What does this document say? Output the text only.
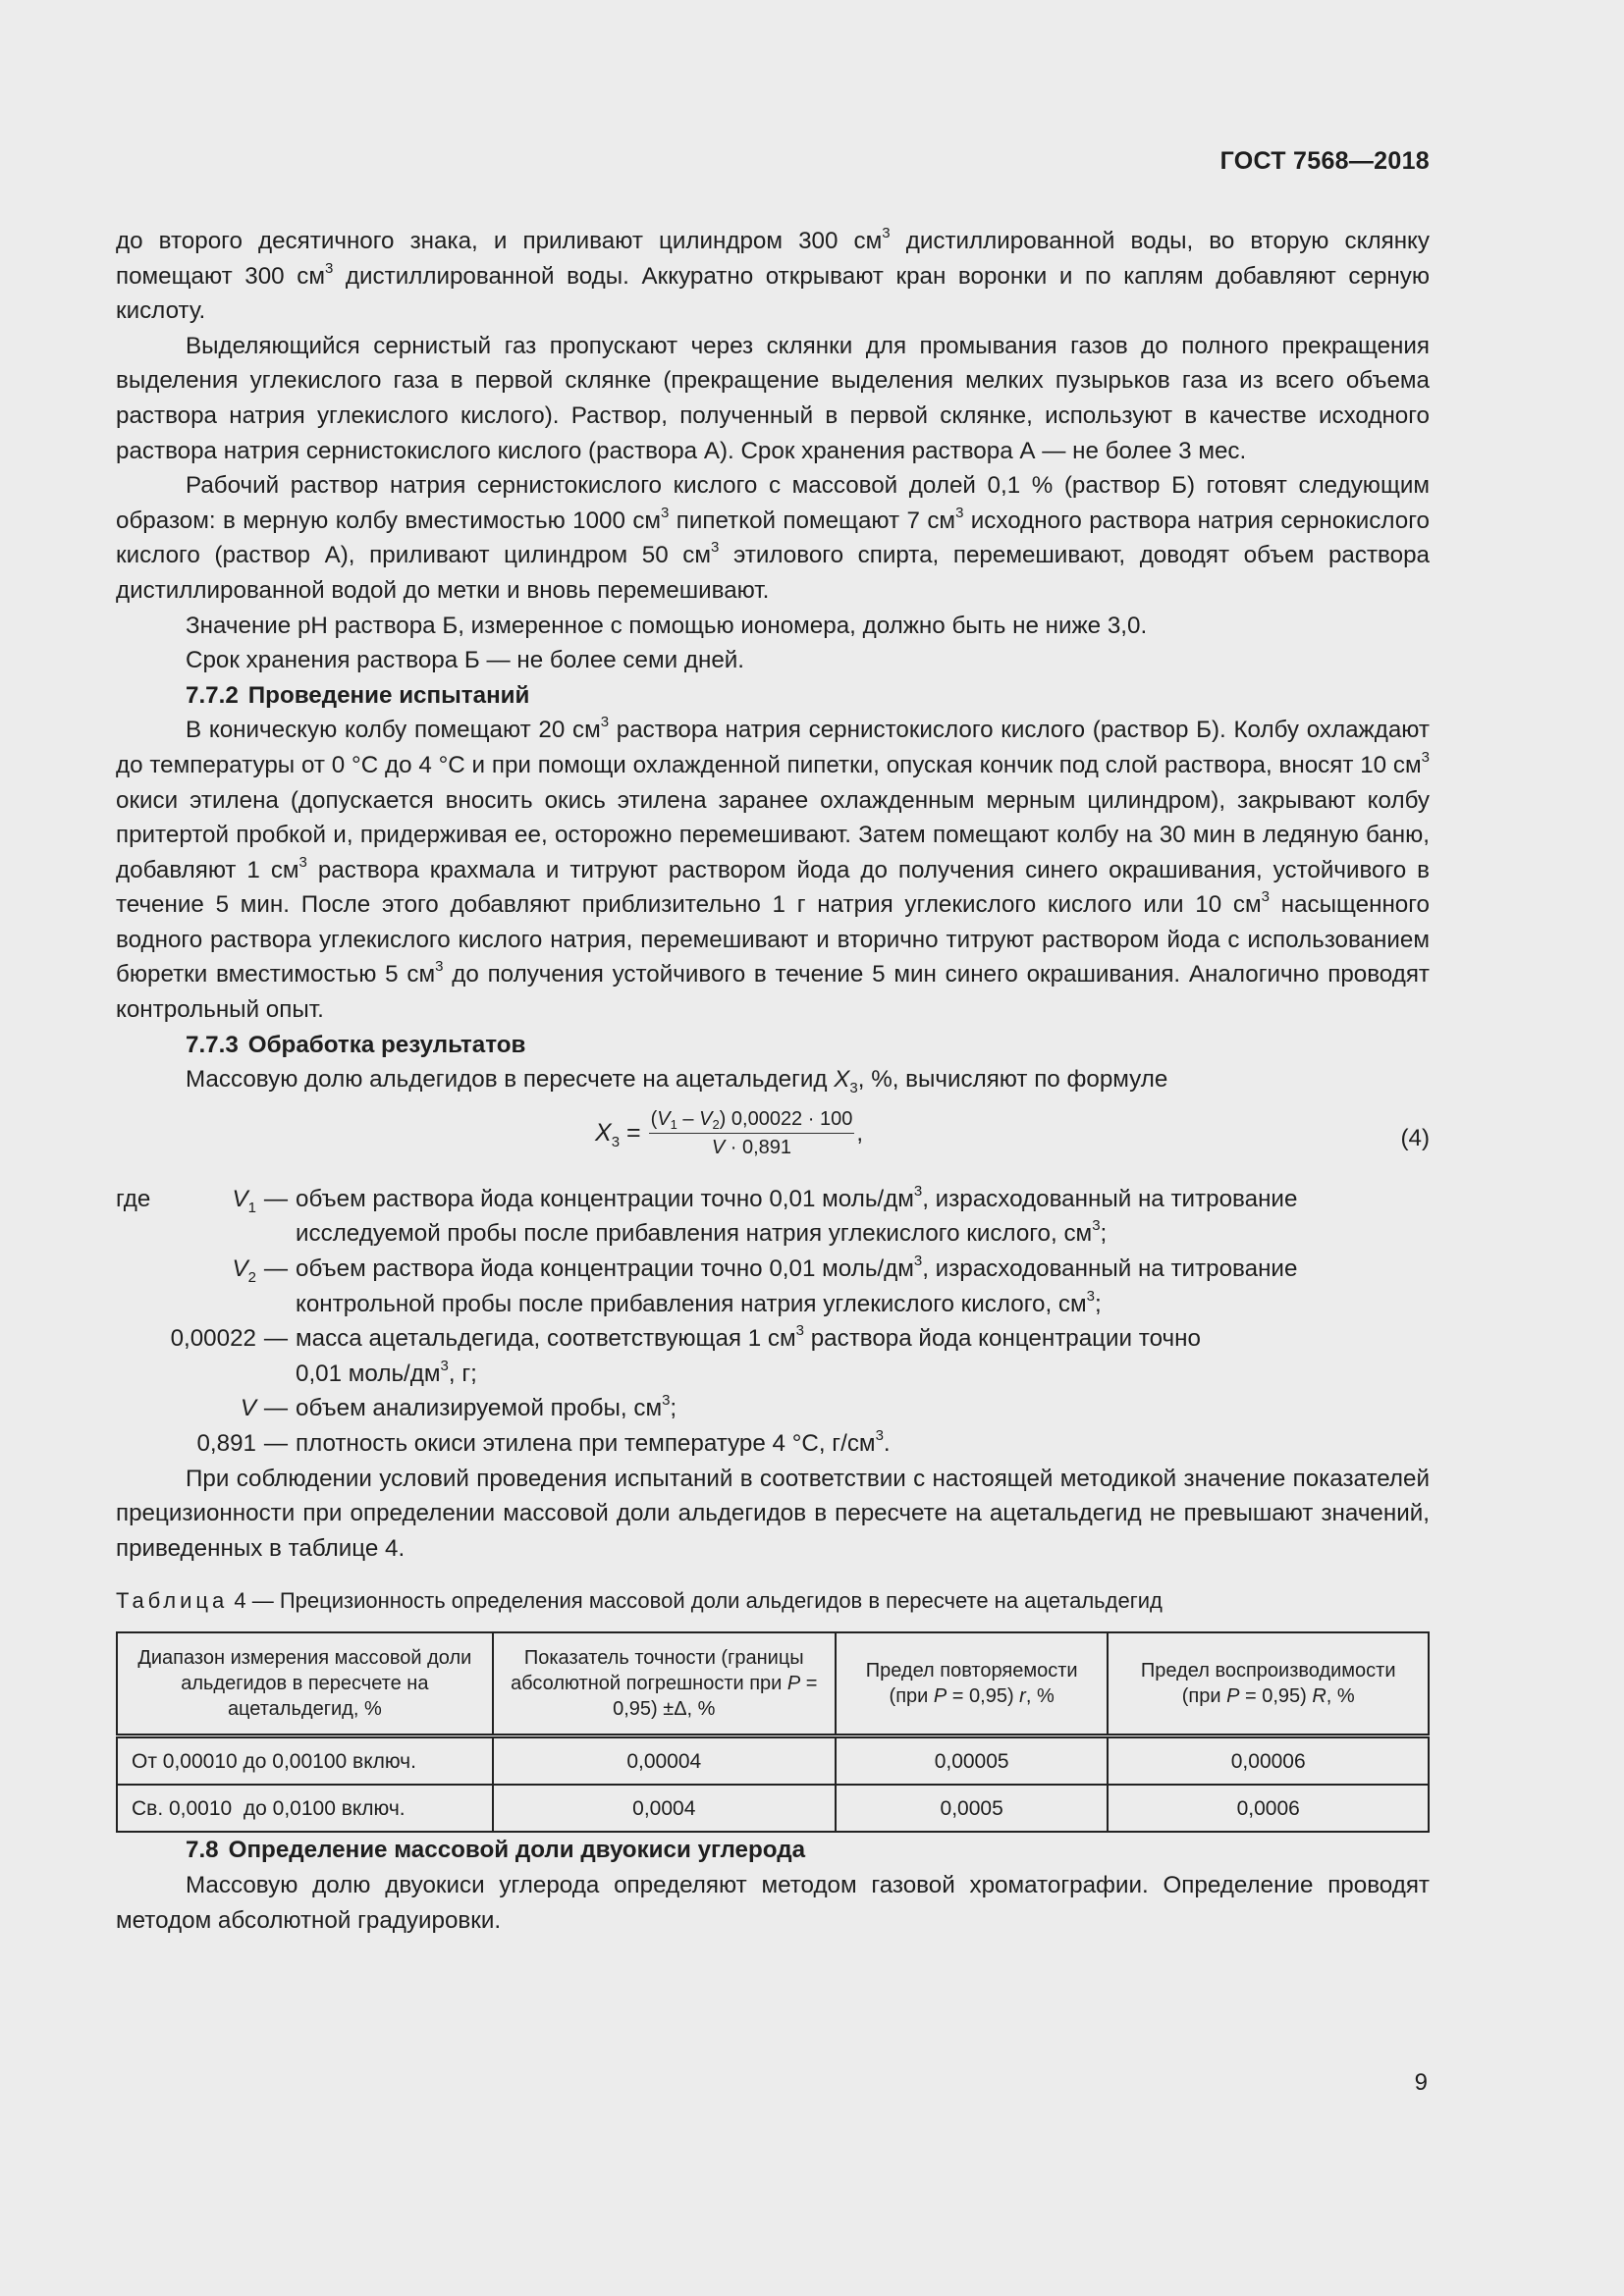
ГОСТ 7568—2018

до второго десятичного знака, и приливают цилиндром 300 $см^3$ дистиллированной воды, во вторую склянку помещают 300 $см^3$ дистиллированной воды. Аккуратно открывают кран воронки и по каплям добавляют серную кислоту.

Выделяющийся сернистый газ пропускают через склянки для промывания газов до полного прекращения выделения углекислого газа в первой склянке (прекращение выделения мелких пузырьков газа из всего объема раствора натрия углекислого кислого). Раствор, полученный в первой склянке, используют в качестве исходного раствора натрия сернистокислого кислого (раствора А). Срок хранения раствора А — не более 3 мес.

Рабочий раствор натрия сернистокислого кислого с массовой долей 0,1 % (раствор Б) готовят следующим образом: в мерную колбу вместимостью 1000 $см^3$ пипеткой помещают 7 $см^3$ исходного раствора натрия сернокислого кислого (раствор А), приливают цилиндром 50 $см^3$ этилового спирта, перемешивают, доводят объем раствора дистиллированной водой до метки и вновь перемешивают.

Значение pH раствора Б, измеренное с помощью иономера, должно быть не ниже 3,0.

Срок хранения раствора Б — не более семи дней.

7.7.2 Проведение испытаний

В коническую колбу помещают 20 $см^3$ раствора натрия сернистокислого кислого (раствор Б). Колбу охлаждают до температуры от 0 °С до 4 °С и при помощи охлажденной пипетки, опуская кончик под слой раствора, вносят 10 $см^3$ окиси этилена (допускается вносить окись этилена заранее охлажденным мерным цилиндром), закрывают колбу притертой пробкой и, придерживая ее, осторожно перемешивают. Затем помещают колбу на 30 мин в ледяную баню, добавляют 1 $см^3$ раствора крахмала и титруют раствором йода до получения синего окрашивания, устойчивого в течение 5 мин. После этого добавляют приблизительно 1 г натрия углекислого кислого или 10 $см^3$ насыщенного водного раствора углекислого кислого натрия, перемешивают и вторично титруют раствором йода с использованием бюретки вместимостью 5 $см^3$ до получения устойчивого в течение 5 мин синего окрашивания. Аналогично проводят контрольный опыт.

7.7.3 Обработка результатов

Массовую долю альдегидов в пересчете на ацетальдегид $X_3$, %, вычисляют по формуле

$X_3 = \frac{(V_1 - V_2) 0,00022 \cdot 100}{V \cdot 0,891}$ ,	(4)
где	$V_1$ — объем раствора йода концентрации точно 0,01 моль/$дм^3$, израсходованный на титрование
исследуемой пробы после прибавления натрия углекислого кислого, $см^3$;
$V_2$ — объем раствора йода концентрации точно 0,01 моль/$дм^3$, израсходованный на титрование
контрольной пробы после прибавления натрия углекислого кислого, $см^3$;
0,00022 — масса ацетальдегида, соответствующая 1 $см^3$ раствора йода концентрации точно
0,01 моль/$дм^3$, г;
V — объем анализируемой пробы, $см^3$;
0,891 — плотность окиси этилена при температуре 4 °С, $г/см^3$.

При соблюдении условий проведения испытаний в соответствии с настоящей методикой значение показателей прецизионности при определении массовой доли альдегидов в пересчете на ацетальдегид не превышают значений, приведенных в таблице 4.

Таблица 4 — Прецизионность определения массовой доли альдегидов в пересчете на ацетальдегид
Диапазон измерения массовой доли альдегидов в пересчете на ацетальдегид, %	Показатель точности (границы абсолютной погрешности при P = 0,95) ±Δ, %	Предел повторяемости (при P = 0,95) r, %	Предел воспроизводимости (при P = 0,95) R, %
От 0,00010 до 0,00100 включ.	0,00004	0,00005	0,00006
Св. 0,0010  до 0,0100 включ.	0,0004	0,0005	0,0006

7.8 Определение массовой доли двуокиси углерода

Массовую долю двуокиси углерода определяют методом газовой хроматографии. Определение проводят методом абсолютной градуировки.

9
